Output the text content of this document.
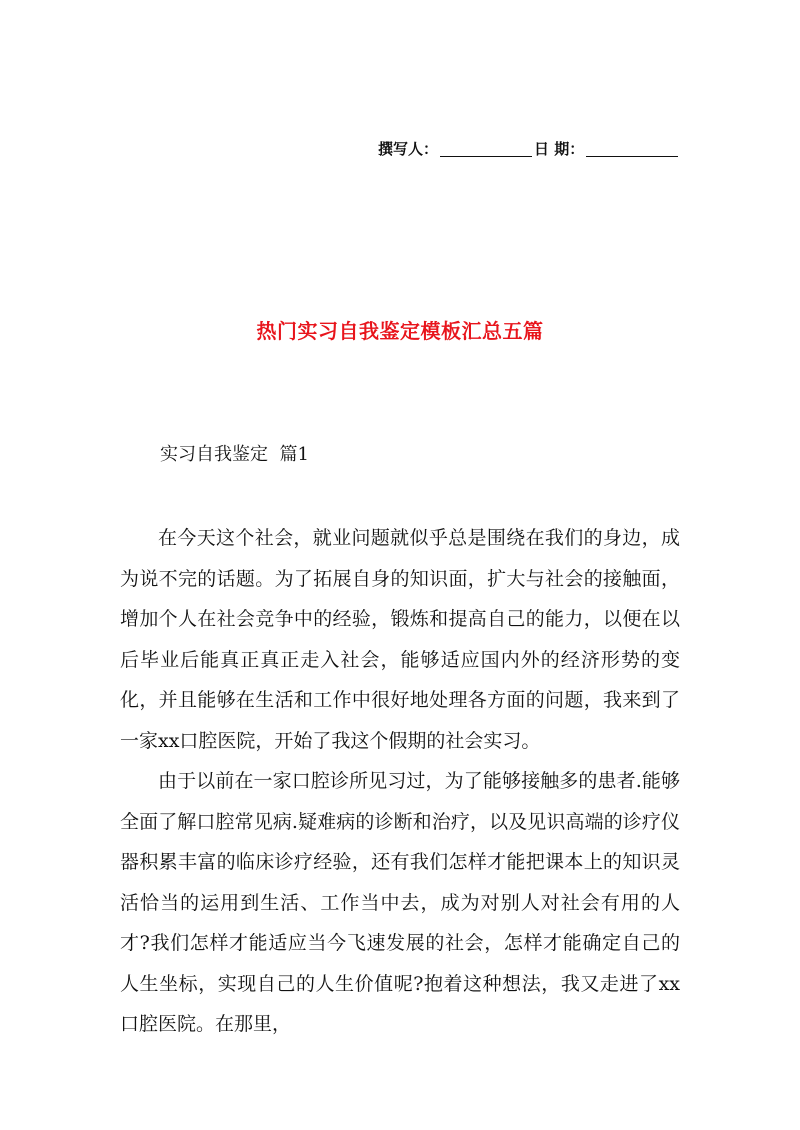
撰写人：	日 期：
热门实习自我鉴定模板汇总五篇
实习自我鉴定  篇1

在今天这个社会，就业问题就似乎总是围绕在我们的身边，成为说不完的话题。为了拓展自身的知识面，扩大与社会的接触面，增加个人在社会竞争中的经验，锻炼和提高自己的能力，以便在以后毕业后能真正真正走入社会，能够适应国内外的经济形势的变化，并且能够在生活和工作中很好地处理各方面的问题，我来到了一家xx口腔医院，开始了我这个假期的社会实习。

由于以前在一家口腔诊所见习过，为了能够接触多的患者.能够全面了解口腔常见病.疑难病的诊断和治疗，以及见识高端的诊疗仪器积累丰富的临床诊疗经验，还有我们怎样才能把课本上的知识灵活恰当的运用到生活、工作当中去，成为对别人对社会有用的人才?我们怎样才能适应当今飞速发展的社会，怎样才能确定自己的人生坐标，实现自己的人生价值呢?抱着这种想法，我又走进了xx口腔医院。在那里，
